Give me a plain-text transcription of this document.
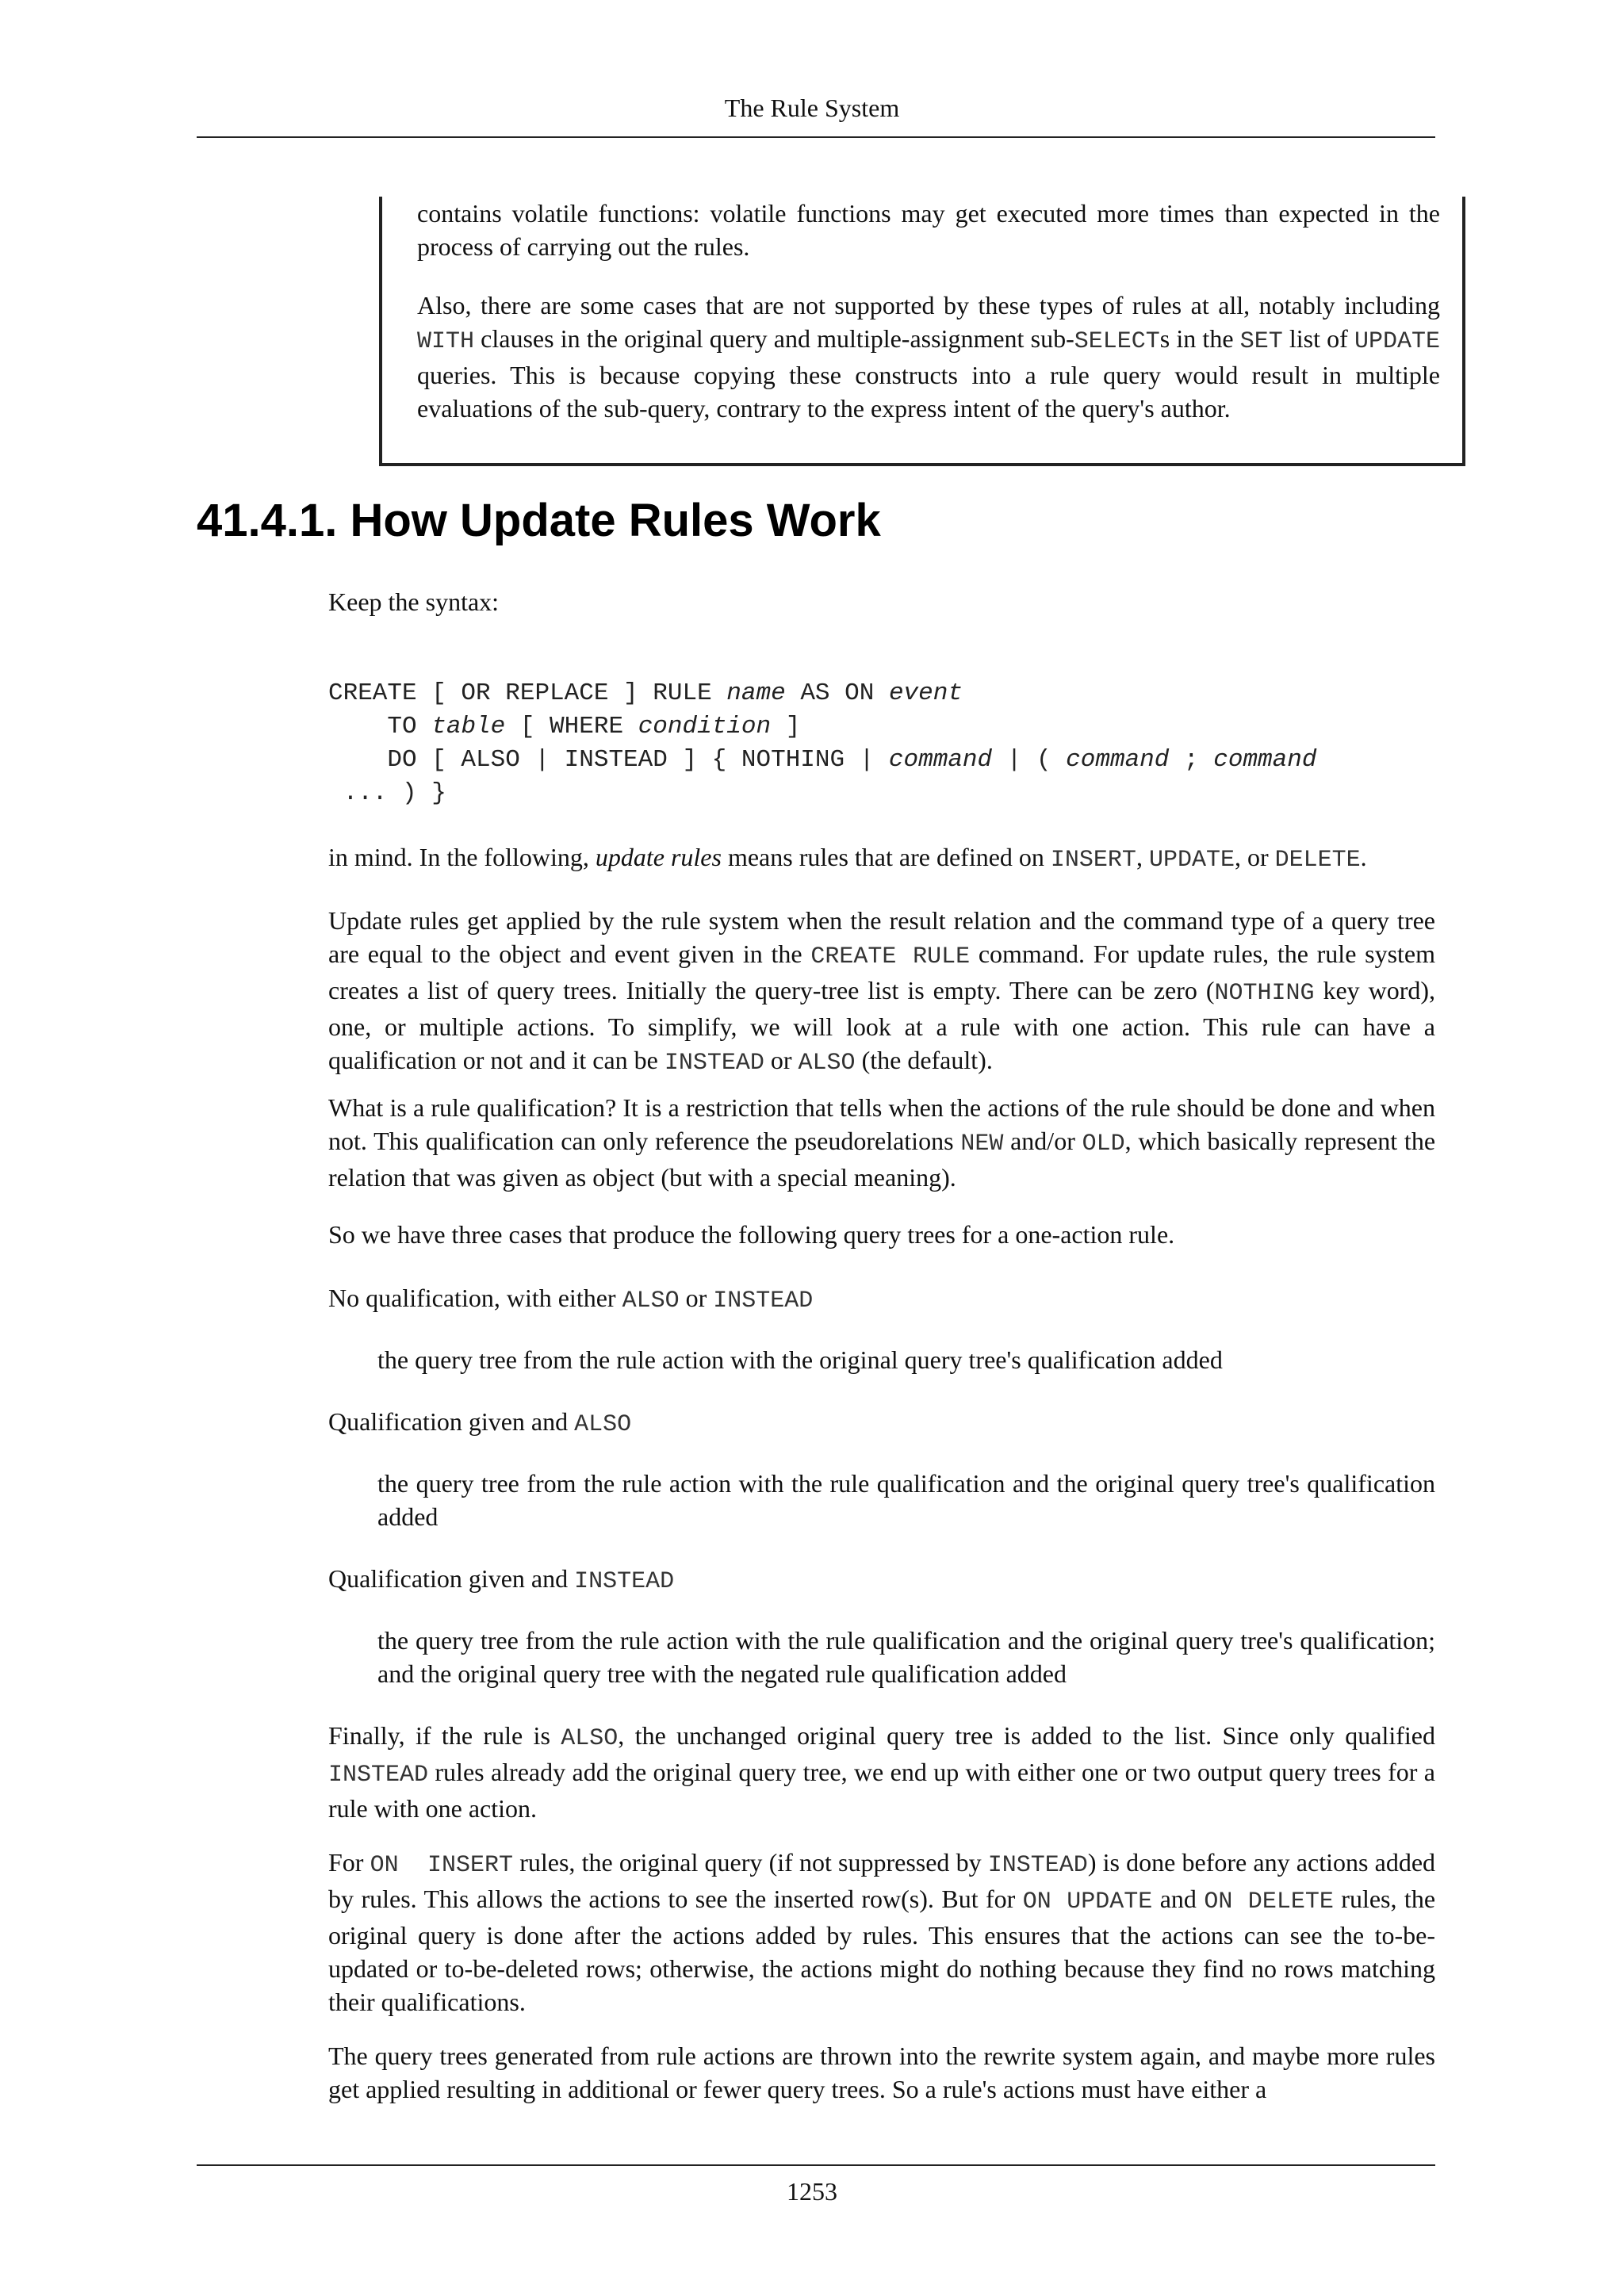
The Rule System

contains volatile functions: volatile functions may get executed more times than expected in the process of carrying out the rules.

Also, there are some cases that are not supported by these types of rules at all, notably including WITH clauses in the original query and multiple-assignment sub-SELECTs in the SET list of UPDATE queries. This is because copying these constructs into a rule query would result in multiple evaluations of the sub-query, contrary to the express intent of the query's author.

41.4.1. How Update Rules Work

Keep the syntax:

CREATE [ OR REPLACE ] RULE name AS ON event
TO table [ WHERE condition ]
DO [ ALSO | INSTEAD ] { NOTHING | command | ( command ; command
... ) }

in mind. In the following, update rules means rules that are defined on INSERT, UPDATE, or DELETE.

Update rules get applied by the rule system when the result relation and the command type of a query tree are equal to the object and event given in the CREATE RULE command. For update rules, the rule system creates a list of query trees. Initially the query-tree list is empty. There can be zero (NOTHING key word), one, or multiple actions. To simplify, we will look at a rule with one action. This rule can have a qualification or not and it can be INSTEAD or ALSO (the default).

What is a rule qualification? It is a restriction that tells when the actions of the rule should be done and when not. This qualification can only reference the pseudorelations NEW and/or OLD, which basically represent the relation that was given as object (but with a special meaning).

So we have three cases that produce the following query trees for a one-action rule.

No qualification, with either ALSO or INSTEAD

the query tree from the rule action with the original query tree's qualification added

Qualification given and ALSO

the query tree from the rule action with the rule qualification and the original query tree's qualification added

Qualification given and INSTEAD

the query tree from the rule action with the rule qualification and the original query tree's qualification; and the original query tree with the negated rule qualification added

Finally, if the rule is ALSO, the unchanged original query tree is added to the list. Since only qualified INSTEAD rules already add the original query tree, we end up with either one or two output query trees for a rule with one action.

For ON  INSERT rules, the original query (if not suppressed by INSTEAD) is done before any actions added by rules. This allows the actions to see the inserted row(s). But for ON UPDATE and ON DELETE rules, the original query is done after the actions added by rules. This ensures that the actions can see the to-be-updated or to-be-deleted rows; otherwise, the actions might do nothing because they find no rows matching their qualifications.

The query trees generated from rule actions are thrown into the rewrite system again, and maybe more rules get applied resulting in additional or fewer query trees. So a rule's actions must have either a

1253
